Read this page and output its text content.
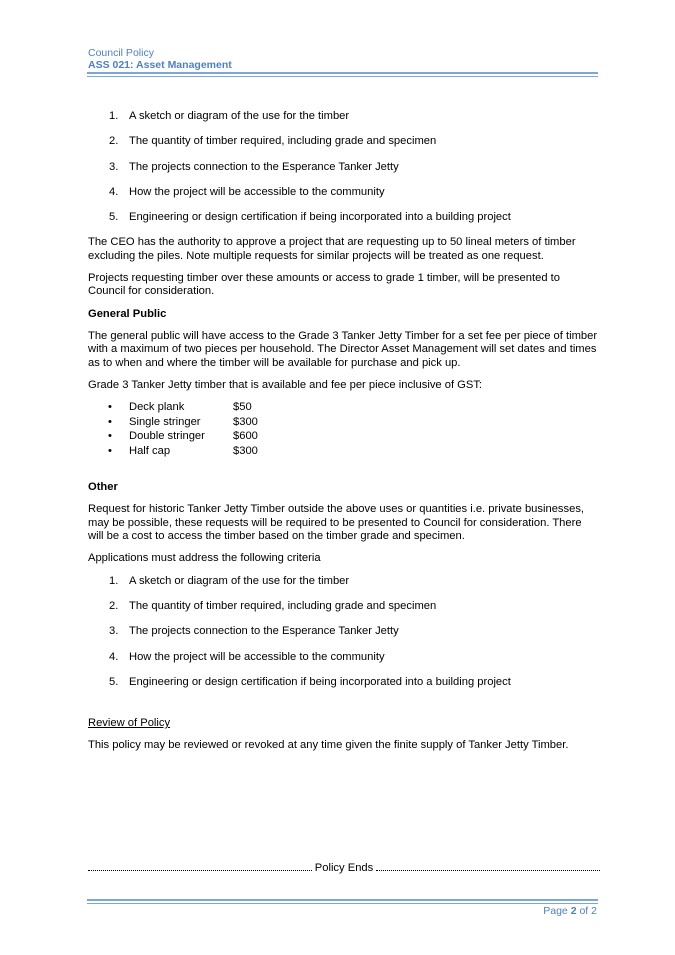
Council Policy
ASS 021: Asset Management
1. A sketch or diagram of the use for the timber
2. The quantity of timber required, including grade and specimen
3. The projects connection to the Esperance Tanker Jetty
4. How the project will be accessible to the community
5. Engineering or design certification if being incorporated into a building project

The CEO has the authority to approve a project that are requesting up to 50 lineal meters of timber excluding the piles. Note multiple requests for similar projects will be treated as one request.

Projects requesting timber over these amounts or access to grade 1 timber, will be presented to Council for consideration.

General Public

The general public will have access to the Grade 3 Tanker Jetty Timber for a set fee per piece of timber with a maximum of two pieces per household. The Director Asset Management will set dates and times as to when and where the timber will be available for purchase and pick up.

Grade 3 Tanker Jetty timber that is available and fee per piece inclusive of GST:

• Deck plank	$50
• Single stringer	$300
• Double stringer	$600
• Half cap	$300
Other

Request for historic Tanker Jetty Timber outside the above uses or quantities i.e. private businesses, may be possible, these requests will be required to be presented to Council for consideration. There will be a cost to access the timber based on the timber grade and specimen.

Applications must address the following criteria

1. A sketch or diagram of the use for the timber
2. The quantity of timber required, including grade and specimen
3. The projects connection to the Esperance Tanker Jetty
4. How the project will be accessible to the community
5. Engineering or design certification if being incorporated into a building project
Review of Policy

This policy may be reviewed or revoked at any time given the finite supply of Tanker Jetty Timber.

Policy Ends
Page 2 of 2
